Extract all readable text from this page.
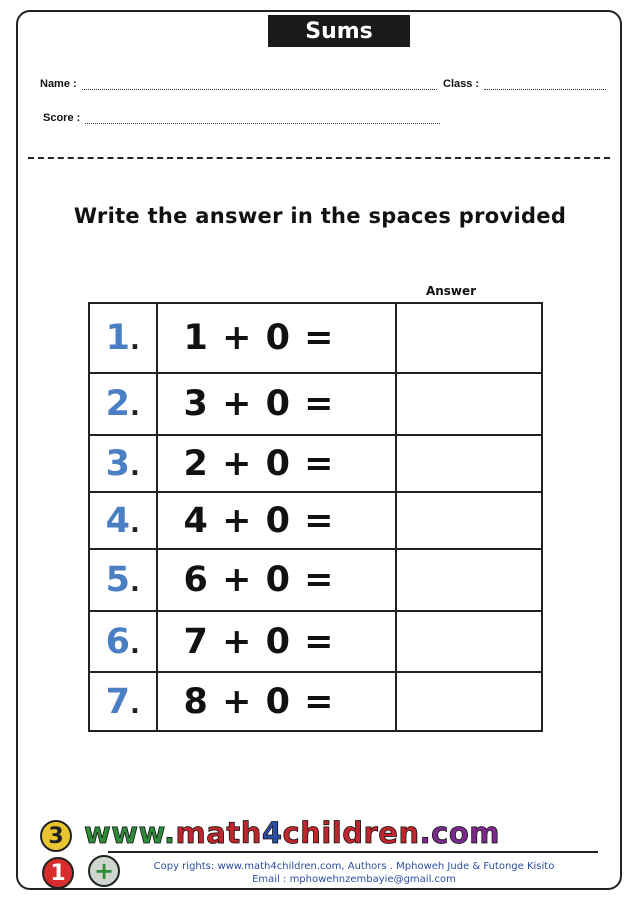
Sums
Name :	Class :
Score :
Write the answer in the spaces provided
Answer
1.	1 + 0 =	
2.	3 + 0 =	
3.	2 + 0 =	
4.	4 + 0 =	
5.	6 + 0 =	
6.	7 + 0 =	
7.	8 + 0 =	
3
1	+
www.math4children.com
Copy rights: www.math4children.com, Authors . Mphoweh Jude & Futonge Kisito
Email : mphowehnzembayie@gmail.com
